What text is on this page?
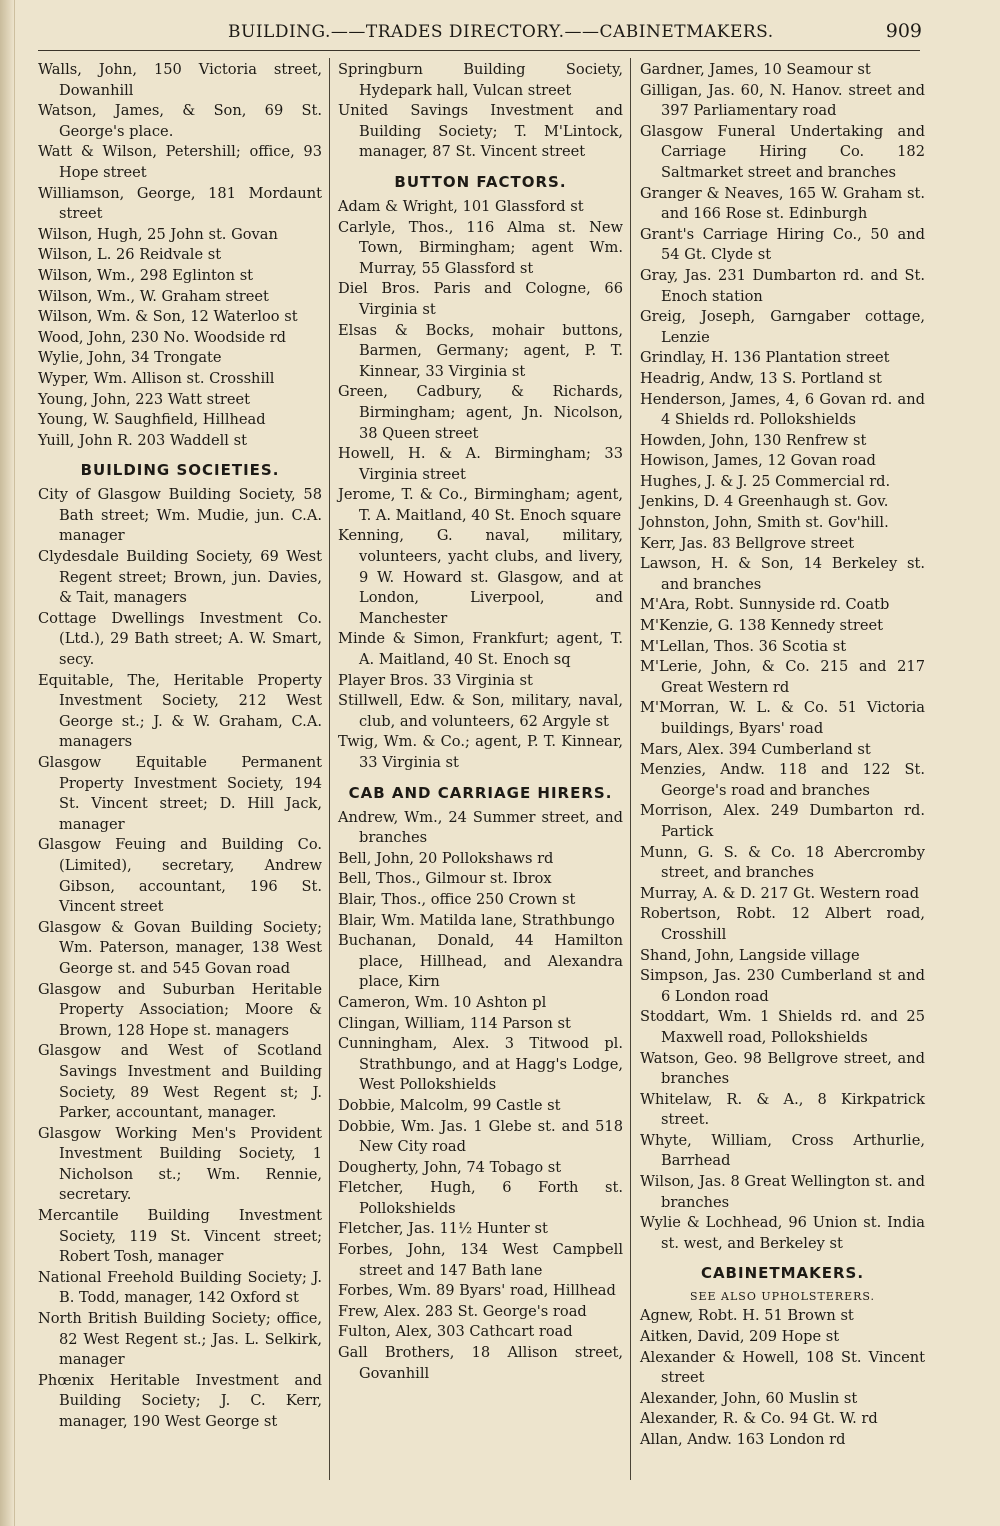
BUILDING.——TRADES DIRECTORY.——CABINETMAKERS.	909
Walls, John, 150 Victoria street, Dowanhill
Watson, James, & Son, 69 St. George's place.
Watt & Wilson, Petershill; office, 93 Hope street
Williamson, George, 181 Mordaunt street
Wilson, Hugh, 25 John st. Govan
Wilson, L. 26 Reidvale st
Wilson, Wm., 298 Eglinton st
Wilson, Wm., W. Graham street
Wilson, Wm. & Son, 12 Waterloo st
Wood, John, 230 No. Woodside rd
Wylie, John, 34 Trongate
Wyper, Wm. Allison st. Crosshill
Young, John, 223 Watt street
Young, W. Saughfield, Hillhead
Yuill, John R. 203 Waddell st
BUILDING SOCIETIES.
City of Glasgow Building Society, 58 Bath street; Wm. Mudie, jun. C.A. manager
Clydesdale Building Society, 69 West Regent street; Brown, jun. Davies, & Tait, managers
Cottage Dwellings Investment Co. (Ltd.), 29 Bath street; A. W. Smart, secy.
Equitable, The, Heritable Property Investment Society, 212 West George st.; J. & W. Graham, C.A. managers
Glasgow Equitable Permanent Property Investment Society, 194 St. Vincent street; D. Hill Jack, manager
Glasgow Feuing and Building Co. (Limited), secretary, Andrew Gibson, accountant, 196 St. Vincent street
Glasgow & Govan Building Society; Wm. Paterson, manager, 138 West George st. and 545 Govan road
Glasgow and Suburban Heritable Property Association; Moore & Brown, 128 Hope st. managers
Glasgow and West of Scotland Savings Investment and Building Society, 89 West Regent st; J. Parker, accountant, manager.
Glasgow Working Men's Provident Investment Building Society, 1 Nicholson st.; Wm. Rennie, secretary.
Mercantile Building Investment Society, 119 St. Vincent street; Robert Tosh, manager
National Freehold Building Society; J. B. Todd, manager, 142 Oxford st
North British Building Society; office, 82 West Regent st.; Jas. L. Selkirk, manager
Phœnix Heritable Investment and Building Society; J. C. Kerr, manager, 190 West George st
Springburn Building Society, Hydepark hall, Vulcan street
United Savings Investment and Building Society; T. M'Lintock, manager, 87 St. Vincent street
BUTTON FACTORS.
Adam & Wright, 101 Glassford st
Carlyle, Thos., 116 Alma st. New Town, Birmingham; agent Wm. Murray, 55 Glassford st
Diel Bros. Paris and Cologne, 66 Virginia st
Elsas & Bocks, mohair buttons, Barmen, Germany; agent, P. T. Kinnear, 33 Virginia st
Green, Cadbury, & Richards, Birmingham; agent, Jn. Nicolson, 38 Queen street
Howell, H. & A. Birmingham; 33 Virginia street
Jerome, T. & Co., Birmingham; agent, T. A. Maitland, 40 St. Enoch square
Kenning, G. naval, military, volunteers, yacht clubs, and livery, 9 W. Howard st. Glasgow, and at London, Liverpool, and Manchester
Minde & Simon, Frankfurt; agent, T. A. Maitland, 40 St. Enoch sq
Player Bros. 33 Virginia st
Stillwell, Edw. & Son, military, naval, club, and volunteers, 62 Argyle st
Twig, Wm. & Co.; agent, P. T. Kinnear, 33 Virginia st
CAB AND CARRIAGE HIRERS.
Andrew, Wm., 24 Summer street, and branches
Bell, John, 20 Pollokshaws rd
Bell, Thos., Gilmour st. Ibrox
Blair, Thos., office 250 Crown st
Blair, Wm. Matilda lane, Strathbungo
Buchanan, Donald, 44 Hamilton place, Hillhead, and Alexandra place, Kirn
Cameron, Wm. 10 Ashton pl
Clingan, William, 114 Parson st
Cunningham, Alex. 3 Titwood pl. Strathbungo, and at Hagg's Lodge, West Pollokshields
Dobbie, Malcolm, 99 Castle st
Dobbie, Wm. Jas. 1 Glebe st. and 518 New City road
Dougherty, John, 74 Tobago st
Fletcher, Hugh, 6 Forth st. Pollokshields
Fletcher, Jas. 11½ Hunter st
Forbes, John, 134 West Campbell street and 147 Bath lane
Forbes, Wm. 89 Byars' road, Hillhead
Frew, Alex. 283 St. George's road
Fulton, Alex, 303 Cathcart road
Gall Brothers, 18 Allison street, Govanhill
Gardner, James, 10 Seamour st
Gilligan, Jas. 60, N. Hanov. street and 397 Parliamentary road
Glasgow Funeral Undertaking and Carriage Hiring Co. 182 Saltmarket street and branches
Granger & Neaves, 165 W. Graham st. and 166 Rose st. Edinburgh
Grant's Carriage Hiring Co., 50 and 54 Gt. Clyde st
Gray, Jas. 231 Dumbarton rd. and St. Enoch station
Greig, Joseph, Garngaber cottage, Lenzie
Grindlay, H. 136 Plantation street
Headrig, Andw, 13 S. Portland st
Henderson, James, 4, 6 Govan rd. and 4 Shields rd. Pollokshields
Howden, John, 130 Renfrew st
Howison, James, 12 Govan road
Hughes, J. & J. 25 Commercial rd.
Jenkins, D. 4 Greenhaugh st. Gov.
Johnston, John, Smith st. Gov'hill.
Kerr, Jas. 83 Bellgrove street
Lawson, H. & Son, 14 Berkeley st. and branches
M'Ara, Robt. Sunnyside rd. Coatb
M'Kenzie, G. 138 Kennedy street
M'Lellan, Thos. 36 Scotia st
M'Lerie, John, & Co. 215 and 217 Great Western rd
M'Morran, W. L. & Co. 51 Victoria buildings, Byars' road
Mars, Alex. 394 Cumberland st
Menzies, Andw. 118 and 122 St. George's road and branches
Morrison, Alex. 249 Dumbarton rd. Partick
Munn, G. S. & Co. 18 Abercromby street, and branches
Murray, A. & D. 217 Gt. Western road
Robertson, Robt. 12 Albert road, Crosshill
Shand, John, Langside village
Simpson, Jas. 230 Cumberland st and 6 London road
Stoddart, Wm. 1 Shields rd. and 25 Maxwell road, Pollokshields
Watson, Geo. 98 Bellgrove street, and branches
Whitelaw, R. & A., 8 Kirkpatrick street.
Whyte, William, Cross Arthurlie, Barrhead
Wilson, Jas. 8 Great Wellington st. and branches
Wylie & Lochhead, 96 Union st. India st. west, and Berkeley st
CABINETMAKERS.
SEE ALSO UPHOLSTERERS.
Agnew, Robt. H. 51 Brown st
Aitken, David, 209 Hope st
Alexander & Howell, 108 St. Vincent street
Alexander, John, 60 Muslin st
Alexander, R. & Co. 94 Gt. W. rd
Allan, Andw. 163 London rd
